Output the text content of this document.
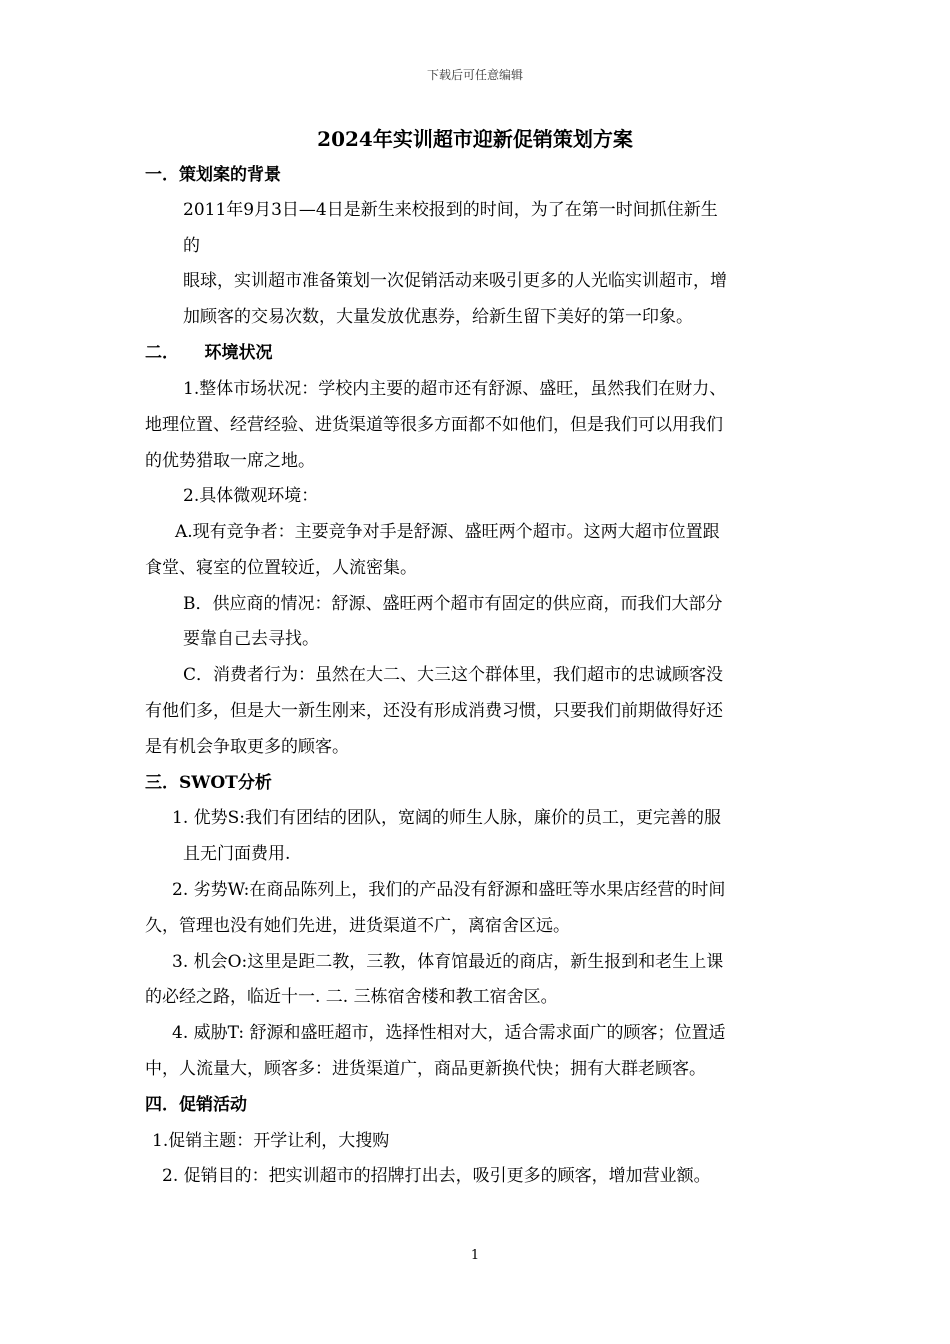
下载后可任意编辑
2024年实训超市迎新促销策划方案
一．策划案的背景
2011年9月3日—4日是新生来校报到的时间，为了在第一时间抓住新生
的
眼球，实训超市准备策划一次促销活动来吸引更多的人光临实训超市，增
加顾客的交易次数，大量发放优惠券，给新生留下美好的第一印象。
二．　　环境状况
1.整体市场状况：学校内主要的超市还有舒源、盛旺，虽然我们在财力、
地理位置、经营经验、进货渠道等很多方面都不如他们，但是我们可以用我们
的优势猎取一席之地。
2.具体微观环境：
A.现有竞争者：主要竞争对手是舒源、盛旺两个超市。这两大超市位置跟
食堂、寝室的位置较近，人流密集。
B．供应商的情况：舒源、盛旺两个超市有固定的供应商，而我们大部分
要靠自己去寻找。
C．消费者行为：虽然在大二、大三这个群体里，我们超市的忠诚顾客没
有他们多，但是大一新生刚来，还没有形成消费习惯，只要我们前期做得好还
是有机会争取更多的顾客。
三．SWOT分析
1. 优势S:我们有团结的团队，宽阔的师生人脉，廉价的员工，更完善的服
且无门面费用.
2. 劣势W:在商品陈列上，我们的产品没有舒源和盛旺等水果店经营的时间
久，管理也没有她们先进，进货渠道不广，离宿舍区远。
3. 机会O:这里是距二教，三教，体育馆最近的商店，新生报到和老生上课
的必经之路，临近十一. 二. 三栋宿舍楼和教工宿舍区。
4. 威胁T: 舒源和盛旺超市，选择性相对大，适合需求面广的顾客；位置适
中，人流量大，顾客多：进货渠道广，商品更新换代快；拥有大群老顾客。
四．促销活动
1.促销主题：开学让利，大搜购
2. 促销目的：把实训超市的招牌打出去，吸引更多的顾客，增加营业额。
1
